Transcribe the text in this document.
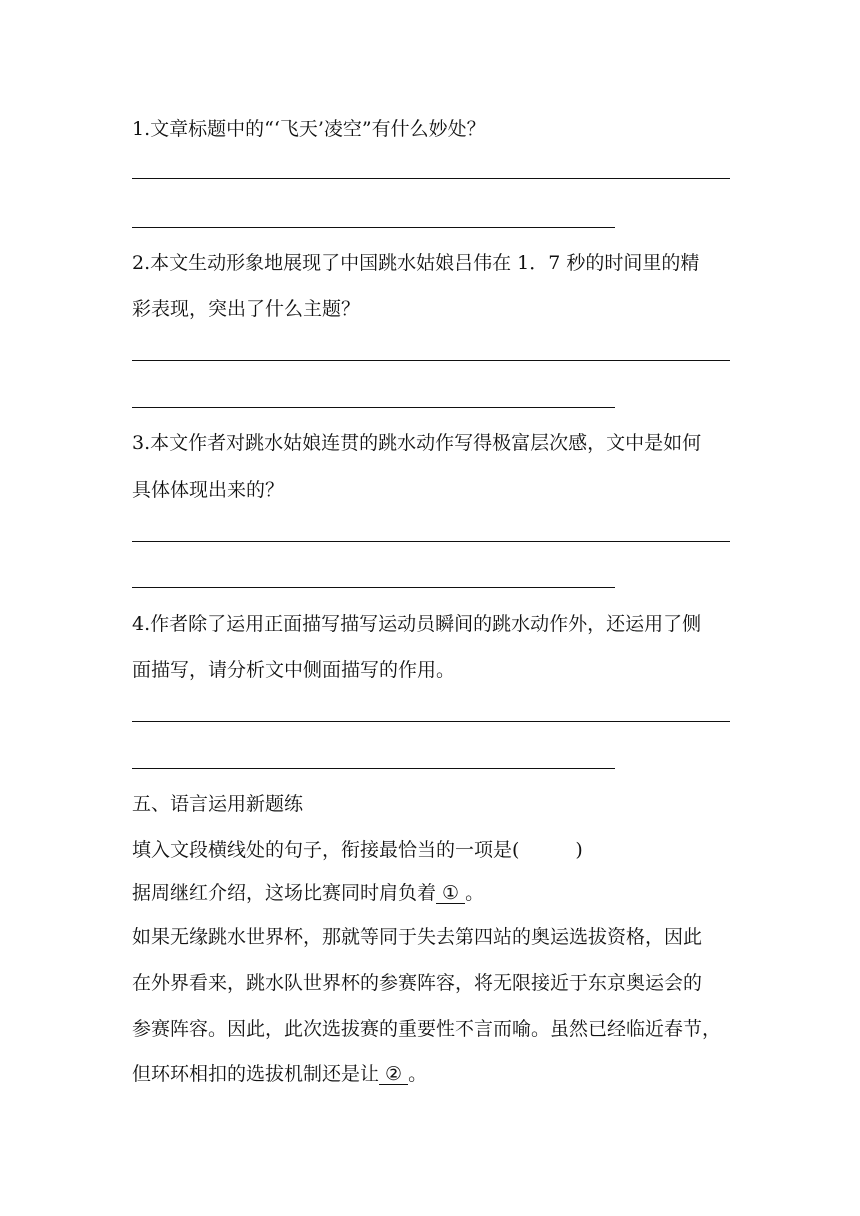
1.文章标题中的“‘飞天’凌空”有什么妙处？

2.本文生动形象地展现了中国跳水姑娘吕伟在 1．7 秒的时间里的精

彩表现，突出了什么主题？

3.本文作者对跳水姑娘连贯的跳水动作写得极富层次感，文中是如何

具体体现出来的？

4.作者除了运用正面描写描写运动员瞬间的跳水动作外，还运用了侧

面描写，请分析文中侧面描写的作用。

五、语言运用新题练

填入文段横线处的句子，衔接最恰当的一项是(	)

据周继红介绍，这场比赛同时肩负着 ① 。

如果无缘跳水世界杯，那就等同于失去第四站的奥运选拔资格，因此

在外界看来，跳水队世界杯的参赛阵容，将无限接近于东京奥运会的

参赛阵容。因此，此次选拔赛的重要性不言而喻。虽然已经临近春节，

但环环相扣的选拔机制还是让 ② 。
